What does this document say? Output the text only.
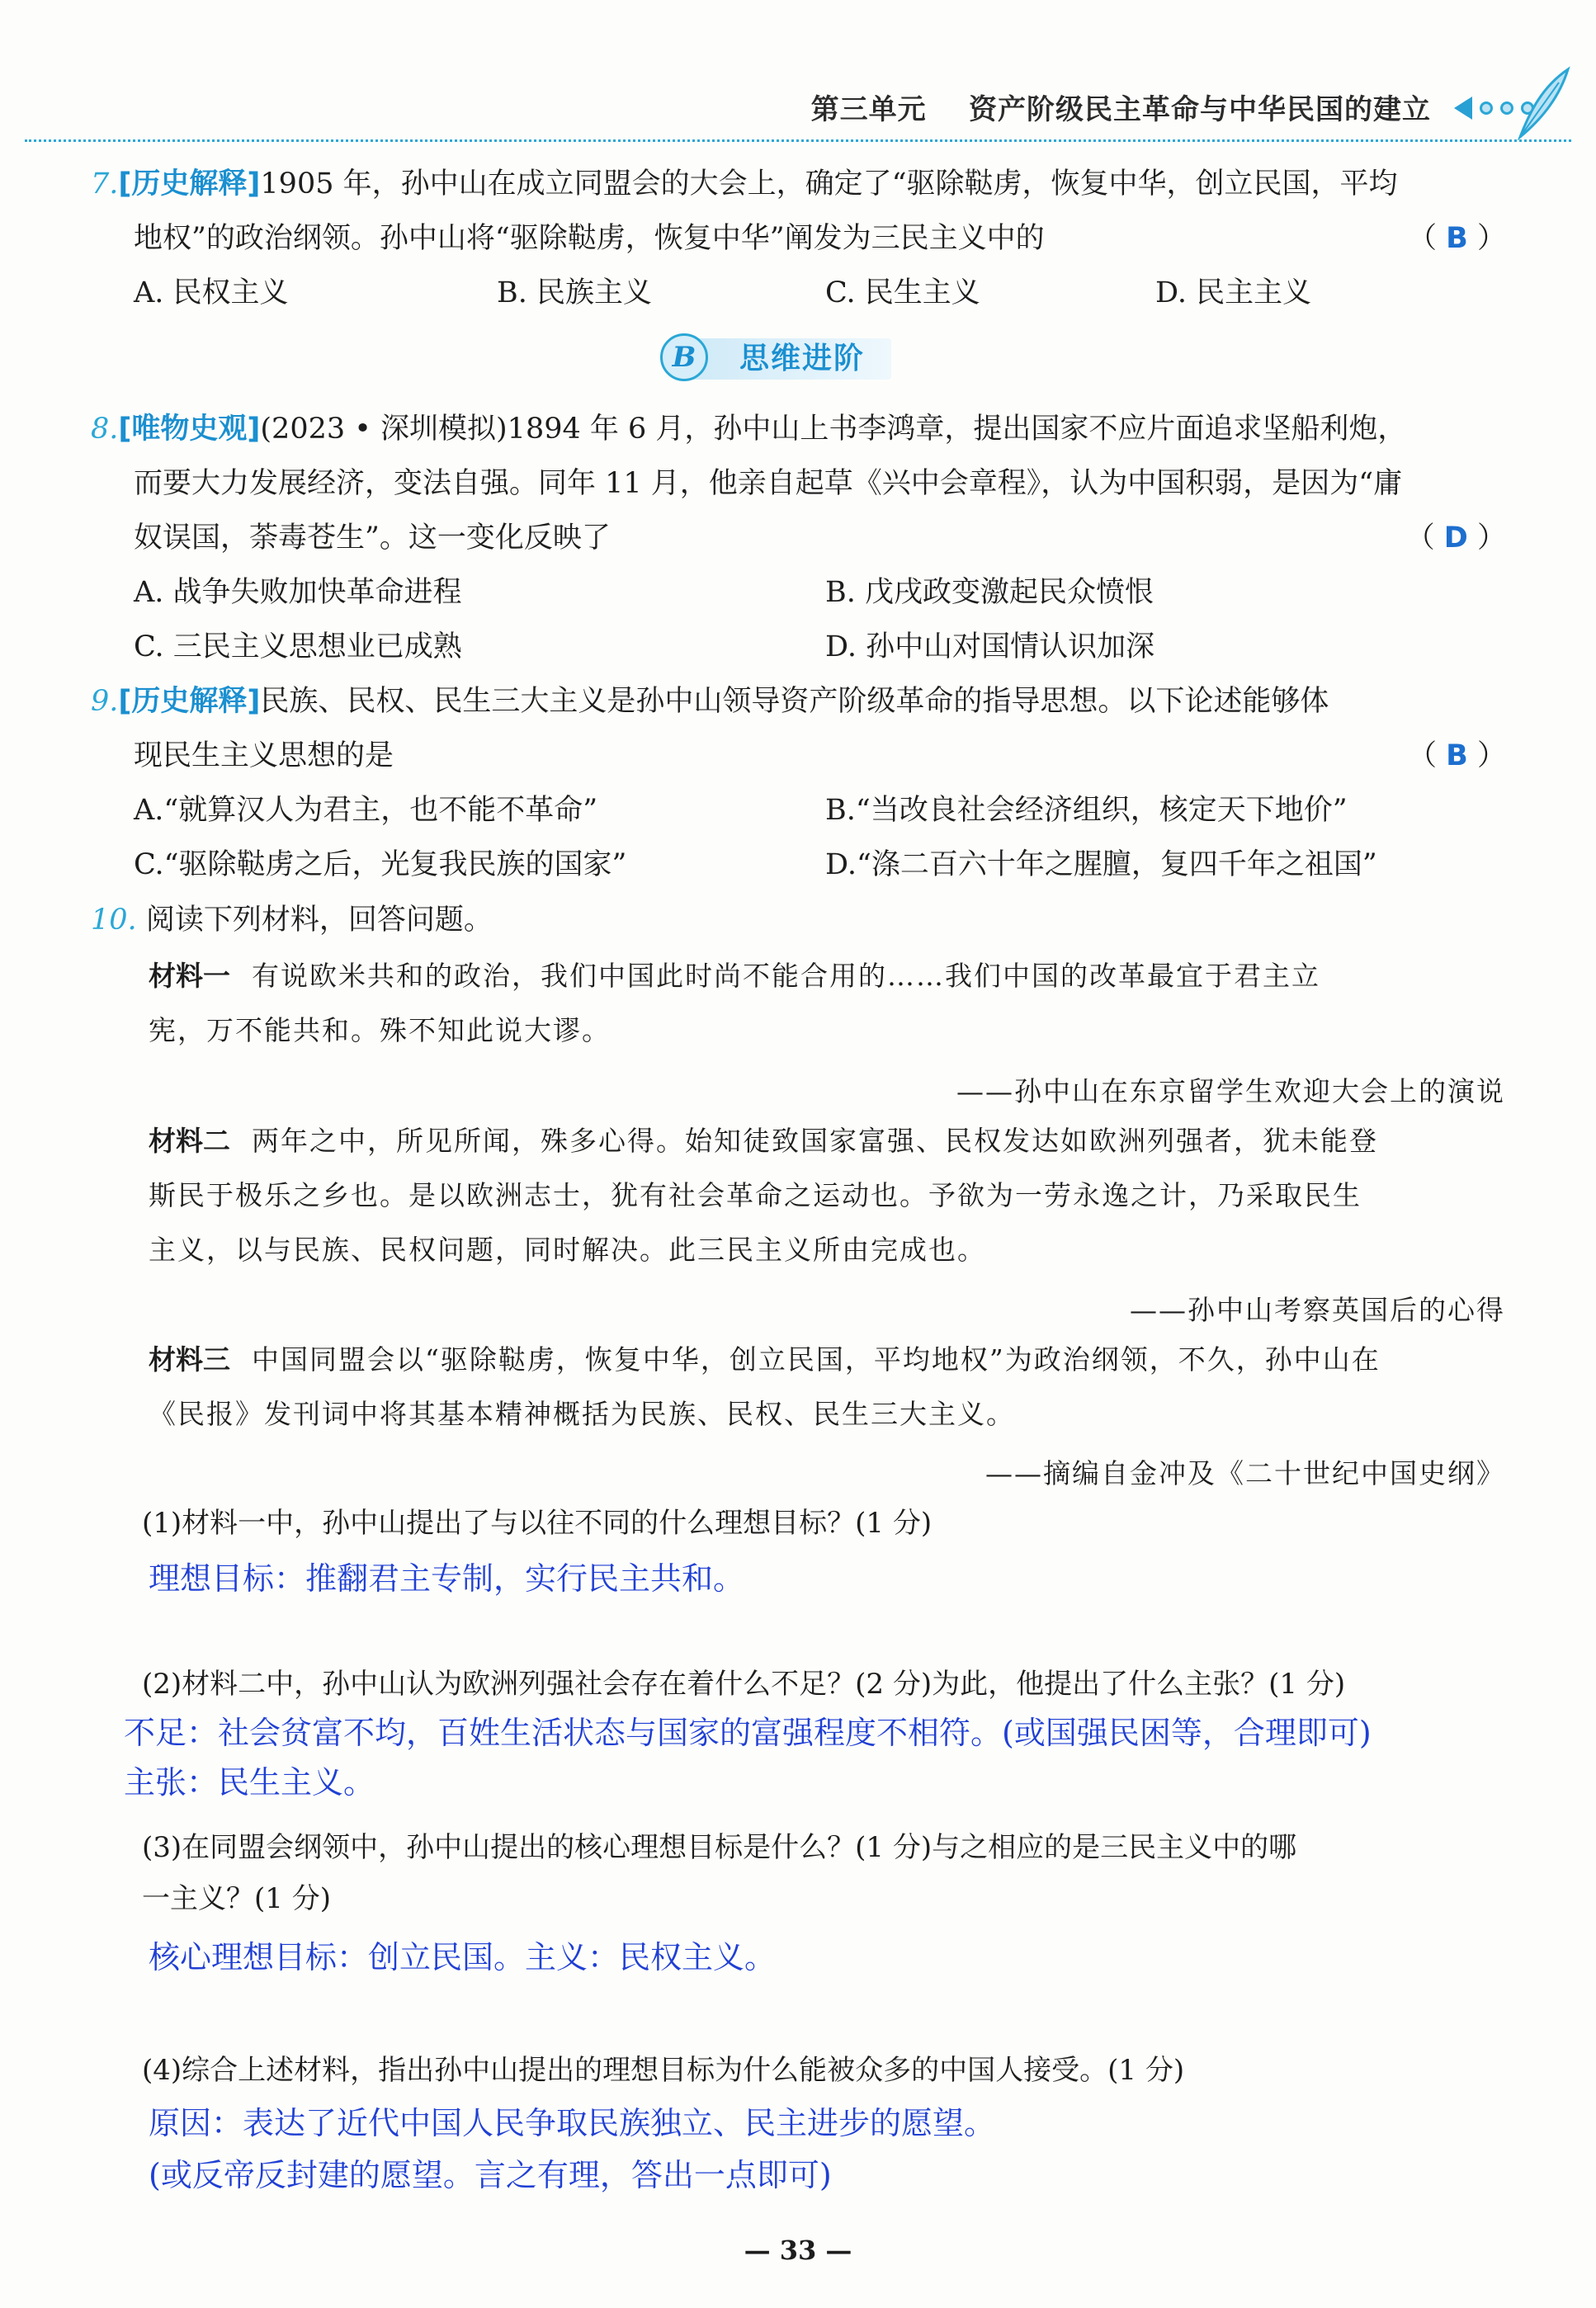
第三单元    资产阶级民主革命与中华民国的建立
7.[历史解释]1905 年，孙中山在成立同盟会的大会上，确定了“驱除鞑虏，恢复中华，创立民国，平均
地权”的政治纲领。孙中山将“驱除鞑虏，恢复中华”阐发为三民主义中的	（ B ）
A. 民权主义	B. 民族主义	C. 民生主义	D. 民主主义
B	思维进阶
8.[唯物史观](2023 • 深圳模拟)1894 年 6 月，孙中山上书李鸿章，提出国家不应片面追求坚船利炮，
而要大力发展经济，变法自强。同年 11 月，他亲自起草《兴中会章程》，认为中国积弱，是因为“庸
奴误国，荼毒苍生”。这一变化反映了	（ D ）
A. 战争失败加快革命进程	B. 戊戌政变激起民众愤恨
C. 三民主义思想业已成熟	D. 孙中山对国情认识加深
9.[历史解释]民族、民权、民生三大主义是孙中山领导资产阶级革命的指导思想。以下论述能够体
现民生主义思想的是	（ B ）
A.“就算汉人为君主，也不能不革命”	B.“当改良社会经济组织，核定天下地价”
C.“驱除鞑虏之后，光复我民族的国家”	D.“涤二百六十年之腥膻，复四千年之祖国”
10. 阅读下列材料，回答问题。
材料一 有说欧米共和的政治，我们中国此时尚不能合用的……我们中国的改革最宜于君主立
宪，万不能共和。殊不知此说大谬。
——孙中山在东京留学生欢迎大会上的演说
材料二 两年之中，所见所闻，殊多心得。始知徒致国家富强、民权发达如欧洲列强者，犹未能登
斯民于极乐之乡也。是以欧洲志士，犹有社会革命之运动也。予欲为一劳永逸之计，乃采取民生
主义，以与民族、民权问题，同时解决。此三民主义所由完成也。
——孙中山考察英国后的心得
材料三 中国同盟会以“驱除鞑虏，恢复中华，创立民国，平均地权”为政治纲领，不久，孙中山在
《民报》发刊词中将其基本精神概括为民族、民权、民生三大主义。
——摘编自金冲及《二十世纪中国史纲》
(1)材料一中，孙中山提出了与以往不同的什么理想目标？(1 分)
理想目标：推翻君主专制，实行民主共和。
(2)材料二中，孙中山认为欧洲列强社会存在着什么不足？(2 分)为此，他提出了什么主张？(1 分)
不足：社会贫富不均，百姓生活状态与国家的富强程度不相符。(或国强民困等，合理即可)
主张：民生主义。
(3)在同盟会纲领中，孙中山提出的核心理想目标是什么？(1 分)与之相应的是三民主义中的哪
一主义？(1 分)
核心理想目标：创立民国。主义：民权主义。
(4)综合上述材料，指出孙中山提出的理想目标为什么能被众多的中国人接受。(1 分)
原因：表达了近代中国人民争取民族独立、民主进步的愿望。
(或反帝反封建的愿望。言之有理，答出一点即可)
— 33 —
